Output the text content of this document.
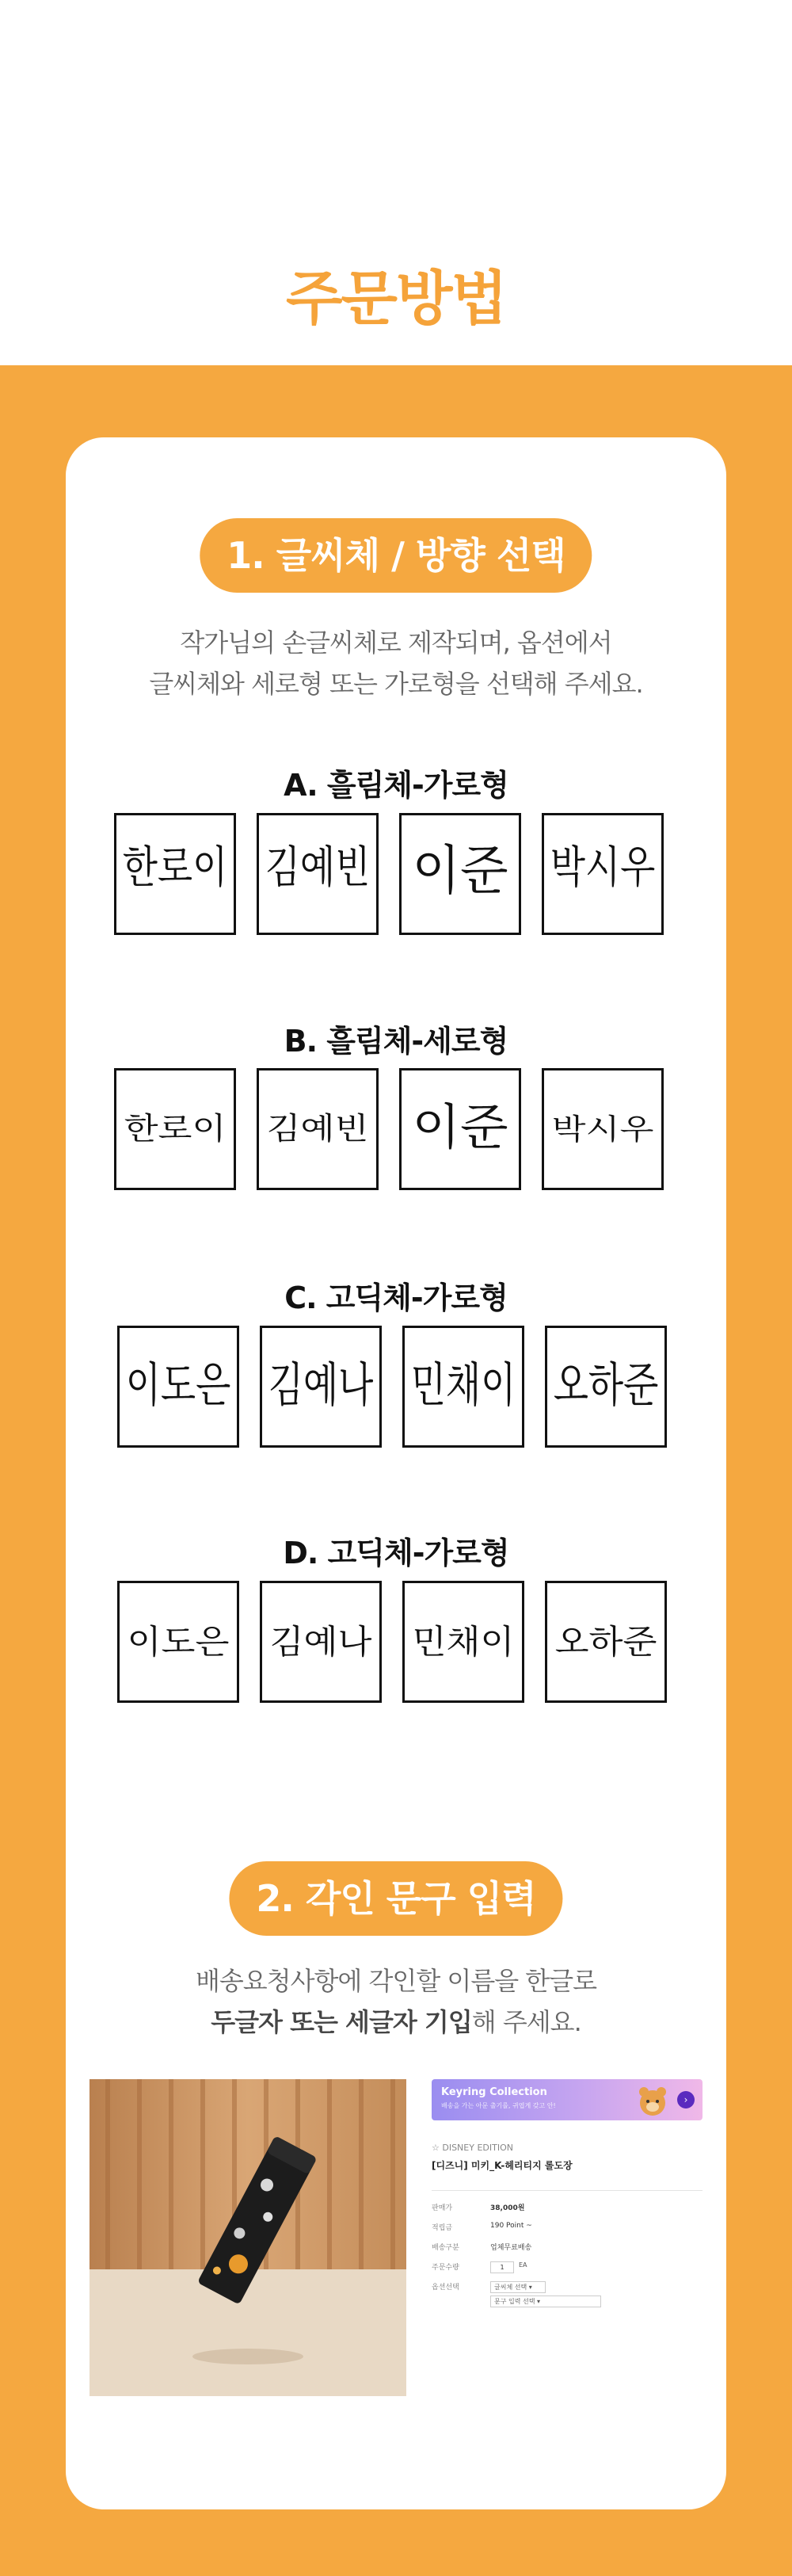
주문방법
1. 글씨체 / 방향 선택
작가님의 손글씨체로 제작되며, 옵션에서
글씨체와 세로형 또는 가로형을 선택해 주세요.
A. 흘림체-가로형
한로이 김예빈 이준 박시우
B. 흘림체-세로형
한로이 김예빈 이준 박시우
C. 고딕체-가로형
이도은 김예나 민채이 오하준
D. 고딕체-가로형
이도은 김예나 민채이 오하준
2. 각인 문구 입력
배송요청사항에 각인할 이름을 한글로
두글자 또는 세글자 기입해 주세요.
Keyring Collection
배송을 가는 아문 출기를, 귀엽게 갖고 안!
›
☆ DISNEY EDITION
[디즈니] 미키_K-헤리티지 롤도장
판매가	38,000원
적립금	190 Point ~
배송구분	업체무료배송
주문수량	1	EA
옵션선택	글씨체 선택 ▾
문구 입력 선택 ▾
